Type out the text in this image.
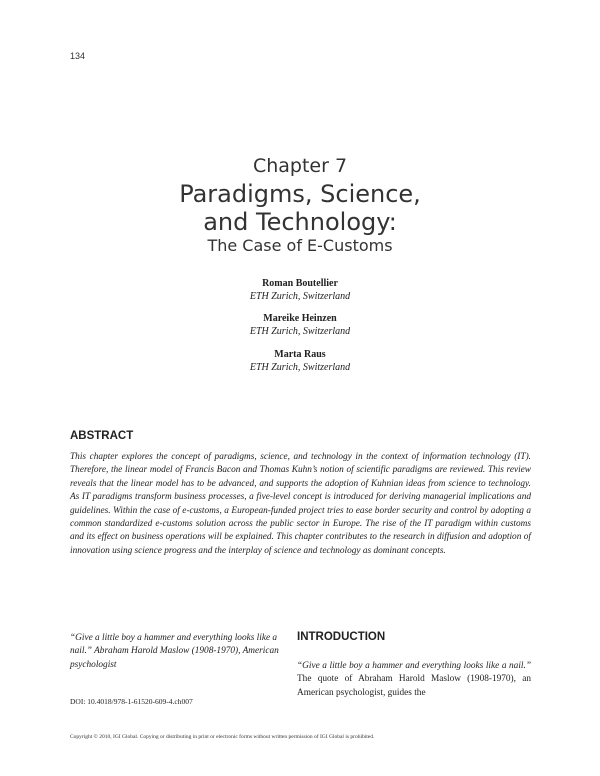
134
Chapter 7
Paradigms, Science,
and Technology:
The Case of E-Customs
Roman Boutellier
ETH Zurich, Switzerland
Mareike Heinzen
ETH Zurich, Switzerland
Marta Raus
ETH Zurich, Switzerland
ABSTRACT
This chapter explores the concept of paradigms, science, and technology in the context of information technology (IT). Therefore, the linear model of Francis Bacon and Thomas Kuhn’s notion of scientific paradigms are reviewed. This review reveals that the linear model has to be advanced, and supports the adoption of Kuhnian ideas from science to technology. As IT paradigms transform business processes, a five-level concept is introduced for deriving managerial implications and guidelines. Within the case of e-customs, a European-funded project tries to ease border security and control by adopting a common standardized e-customs solution across the public sector in Europe. The rise of the IT paradigm within customs and its effect on business operations will be explained. This chapter contributes to the research in diffusion and adoption of innovation using science progress and the interplay of science and technology as dominant concepts.
“Give a little boy a hammer and everything looks like a nail.” Abraham Harold Maslow (1908-1970), American psychologist
DOI: 10.4018/978-1-61520-609-4.ch007
INTRODUCTION
“Give a little boy a hammer and everything looks like a nail.” The quote of Abraham Harold Maslow (1908-1970), an American psychologist, guides the
Copyright © 2010, IGI Global. Copying or distributing in print or electronic forms without written permission of IGI Global is prohibited.
